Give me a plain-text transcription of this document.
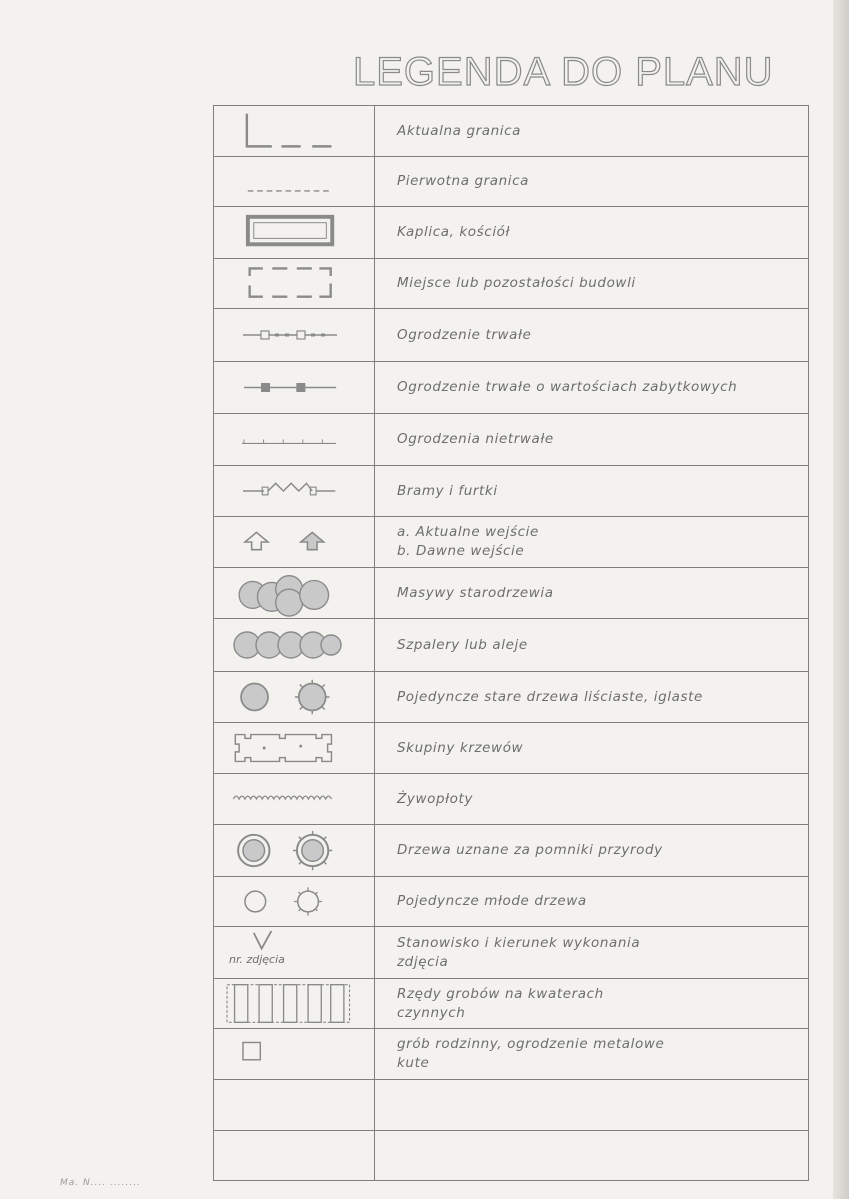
LEGENDA DO PLANU
Aktualna granica
Pierwotna granica
Kaplica, kościół
Miejsce lub pozostałości budowli
Ogrodzenie trwałe
Ogrodzenie trwałe o wartościach zabytkowych
Ogrodzenia nietrwałe
Bramy i furtki
a. Aktualne wejście
b. Dawne wejście
Masywy starodrzewia
Szpalery lub aleje
Pojedyncze stare drzewa liściaste, iglaste
Skupiny krzewów
Żywopłoty
Drzewa uznane za pomniki przyrody
Pojedyncze młode drzewa
nr. zdjęcia
Stanowisko i kierunek wykonania
zdjęcia
Rzędy grobów na kwaterach
czynnych
grób rodzinny, ogrodzenie metalowe
kute
Ma. N.... ........
